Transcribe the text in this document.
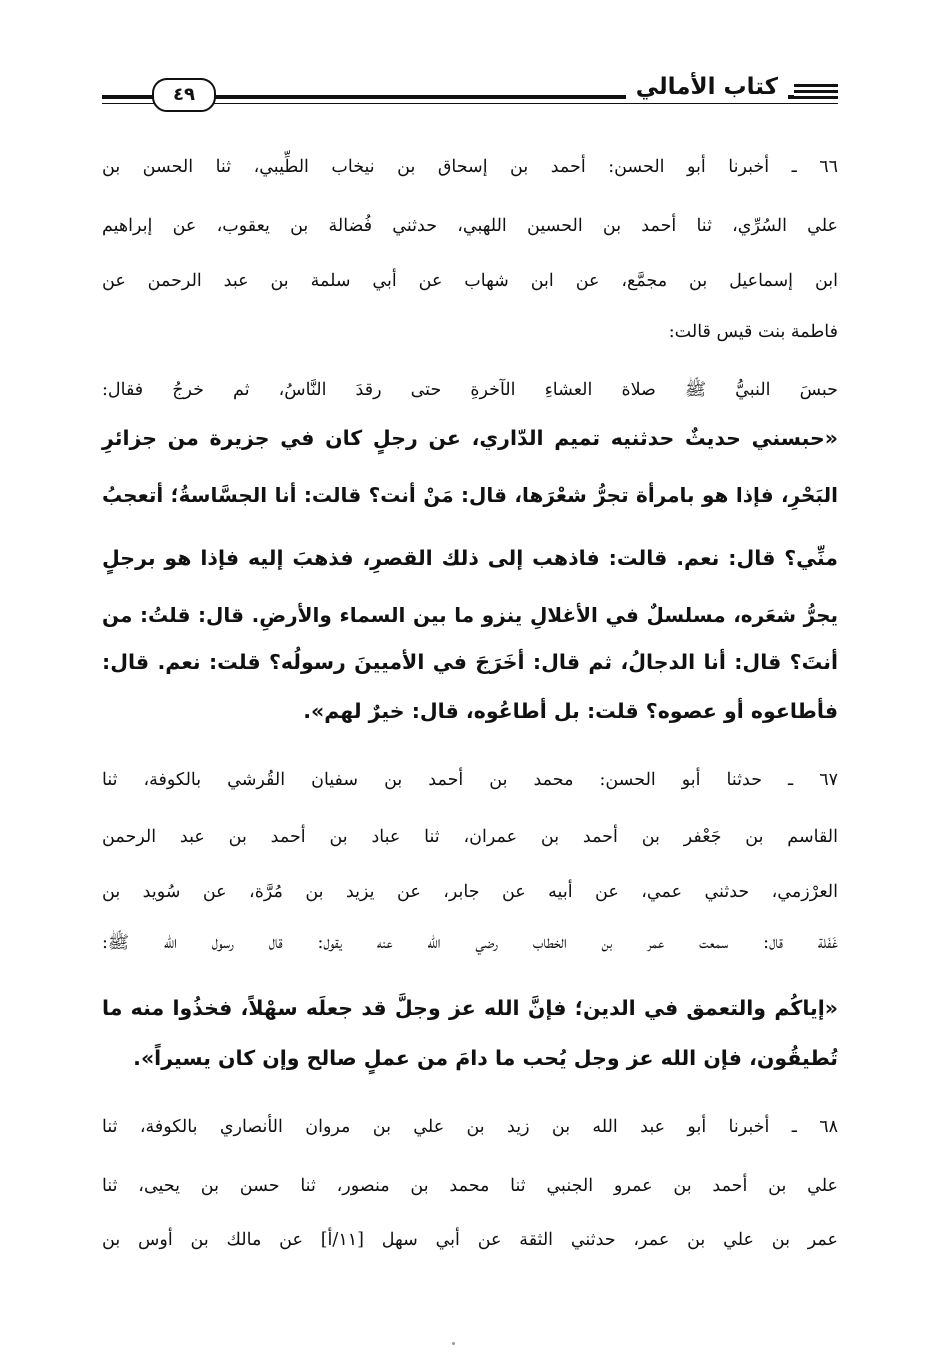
كتاب الأمالي
٤٩
٦٦ ـ أخبرنا أبو الحسن: أحمد بن إسحاق بن نيخاب الطِّيبي، ثنا الحسن بن
علي السُرِّي، ثنا أحمد بن الحسين اللهبي، حدثني فُضالة بن يعقوب، عن إبراهيم
ابن إسماعيل بن مجمَّع، عن ابن شهاب عن أبي سلمة بن عبد الرحمن عن
فاطمة بنت قيس قالت:
حبسَ النبيُّ ﷺ صلاة العشاءِ الآخرةِ حتى رقدَ النَّاسُ، ثم خرجُ فقال:
«حبسني حديثٌ حدثنيه تميم الدّاري، عن رجلٍ كان في جزيرة من جزائرِ
البَحْرِ، فإذا هو بامرأة تجرُّ شعْرَها، قال: مَنْ أنت؟ قالت: أنا الجسَّاسةُ؛ أتعجبُ
منِّي؟ قال: نعم. قالت: فاذهب إلى ذلك القصرِ، فذهبَ إليه فإذا هو برجلٍ
يجرُّ شعَره، مسلسلٌ في الأغلالِ ينزو ما بين السماء والأرضِ. قال: قلتُ: من
أنتَ؟ قال: أنا الدجالُ، ثم قال: أخَرَجَ في الأميينَ رسولُه؟ قلت: نعم. قال:
فأطاعوه أو عصوه؟ قلت: بل أطاعُوه، قال: خيرٌ لهم».
٦٧ ـ حدثنا أبو الحسن: محمد بن أحمد بن سفيان القُرشي بالكوفة، ثنا
القاسم بن جَعْفر بن أحمد بن عمران، ثنا عباد بن أحمد بن عبد الرحمن
العرْزمي، حدثني عمي، عن أبيه عن جابر، عن يزيد بن مُرَّة، عن سُويد بن
غَفَلة قال: سمعت عمر بن الخطاب رضي الله عنه يقول: قال رسول الله ﷺ:
«إياكُم والتعمق في الدين؛ فإنَّ الله عز وجلَّ قد جعلَه سهْلاً، فخذُوا منه ما
تُطيقُون، فإن الله عز وجل يُحب ما دامَ من عملٍ صالح وإن كان يسيراً».
٦٨ ـ أخبرنا أبو عبد الله بن زيد بن علي بن مروان الأنصاري بالكوفة، ثنا
علي بن أحمد بن عمرو الجنبي ثنا محمد بن منصور، ثنا حسن بن يحيى، ثنا
عمر بن علي بن عمر، حدثني الثقة عن أبي سهل [١١/أ] عن مالك بن أوس بن
